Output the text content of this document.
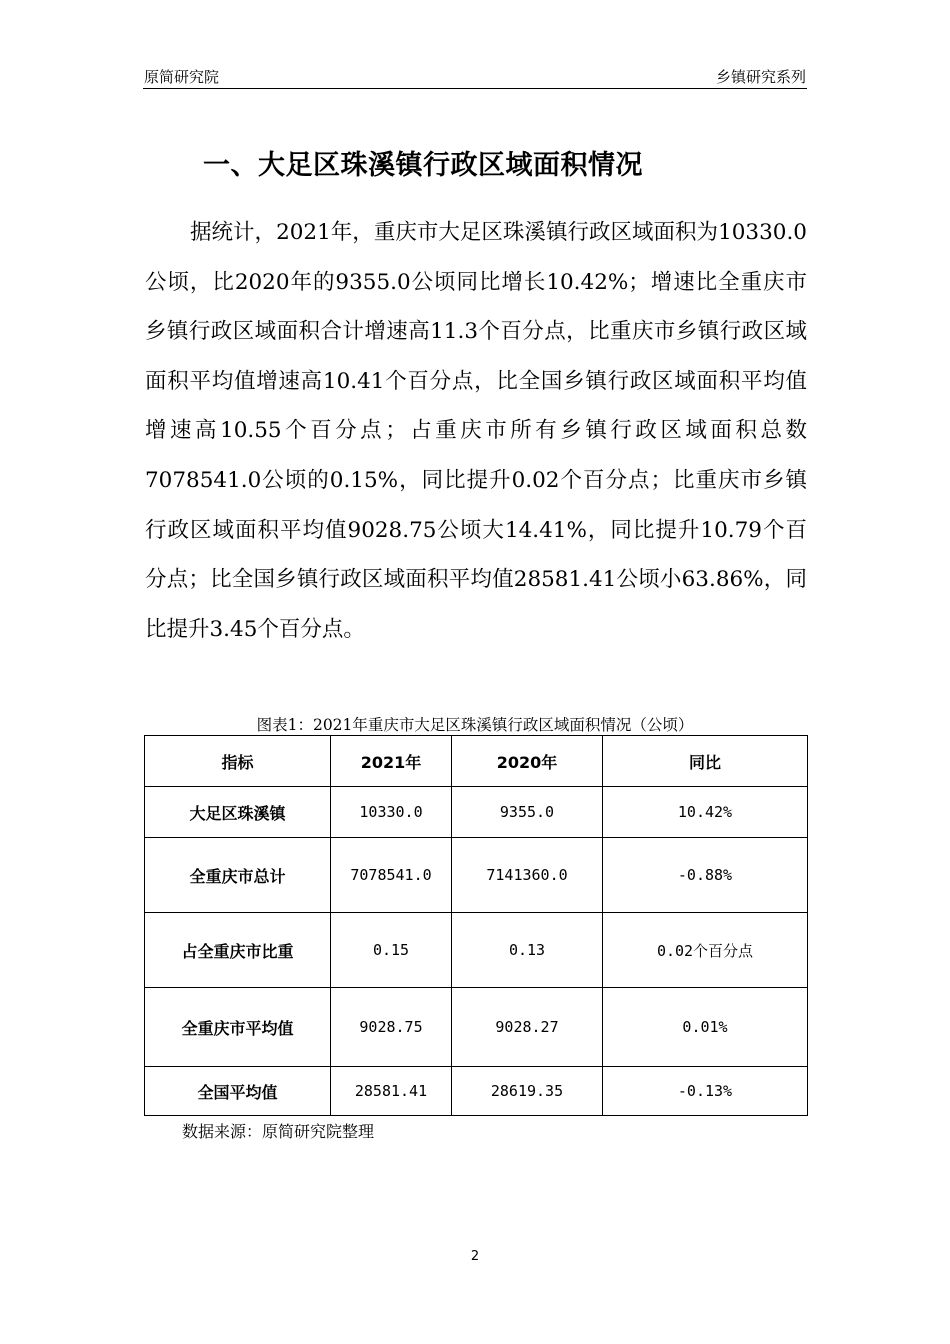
原简研究院	乡镇研究系列
一、大足区珠溪镇行政区域面积情况

据统计，2021年，重庆市大足区珠溪镇行政区域面积为10330.0公顷，比2020年的9355.0公顷同比增长10.42%；增速比全重庆市乡镇行政区域面积合计增速高11.3个百分点，比重庆市乡镇行政区域面积平均值增速高10.41个百分点，比全国乡镇行政区域面积平均值增速高10.55个百分点；占重庆市所有乡镇行政区域面积总数7078541.0公顷的0.15%，同比提升0.02个百分点；比重庆市乡镇行政区域面积平均值9028.75公顷大14.41%，同比提升10.79个百分点；比全国乡镇行政区域面积平均值28581.41公顷小63.86%，同比提升3.45个百分点。

图表1：2021年重庆市大足区珠溪镇行政区域面积情况（公顷）
指标	2021年	2020年	同比
大足区珠溪镇	10330.0	9355.0	10.42%
全重庆市总计	7078541.0	7141360.0	-0.88%
占全重庆市比重	0.15	0.13	0.02个百分点
全重庆市平均值	9028.75	9028.27	0.01%
全国平均值	28581.41	28619.35	-0.13%
数据来源：原简研究院整理
2
